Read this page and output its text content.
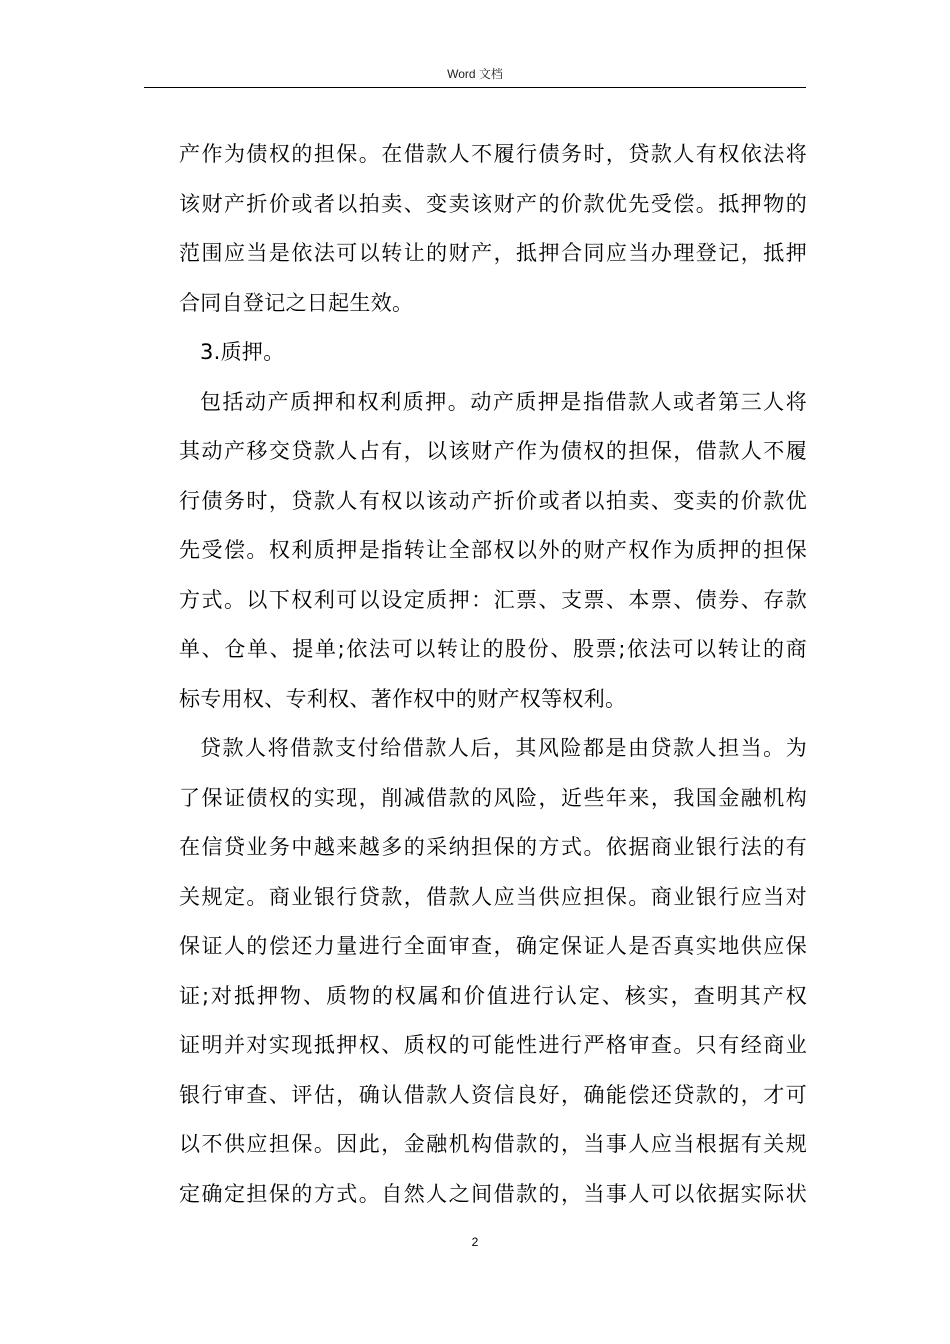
Word 文档
产作为债权的担保。在借款人不履行债务时，贷款人有权依法将
该财产折价或者以拍卖、变卖该财产的价款优先受偿。抵押物的
范围应当是依法可以转让的财产，抵押合同应当办理登记，抵押
合同自登记之日起生效。
3.质押。
包括动产质押和权利质押。动产质押是指借款人或者第三人将
其动产移交贷款人占有，以该财产作为债权的担保，借款人不履
行债务时，贷款人有权以该动产折价或者以拍卖、变卖的价款优
先受偿。权利质押是指转让全部权以外的财产权作为质押的担保
方式。以下权利可以设定质押：汇票、支票、本票、债券、存款
单、仓单、提单;依法可以转让的股份、股票;依法可以转让的商
标专用权、专利权、著作权中的财产权等权利。
贷款人将借款支付给借款人后，其风险都是由贷款人担当。为
了保证债权的实现，削减借款的风险，近些年来，我国金融机构
在信贷业务中越来越多的采纳担保的方式。依据商业银行法的有
关规定。商业银行贷款，借款人应当供应担保。商业银行应当对
保证人的偿还力量进行全面审查，确定保证人是否真实地供应保
证;对抵押物、质物的权属和价值进行认定、核实，查明其产权
证明并对实现抵押权、质权的可能性进行严格审查。只有经商业
银行审查、评估，确认借款人资信良好，确能偿还贷款的，才可
以不供应担保。因此，金融机构借款的，当事人应当根据有关规
定确定担保的方式。自然人之间借款的，当事人可以依据实际状
2
